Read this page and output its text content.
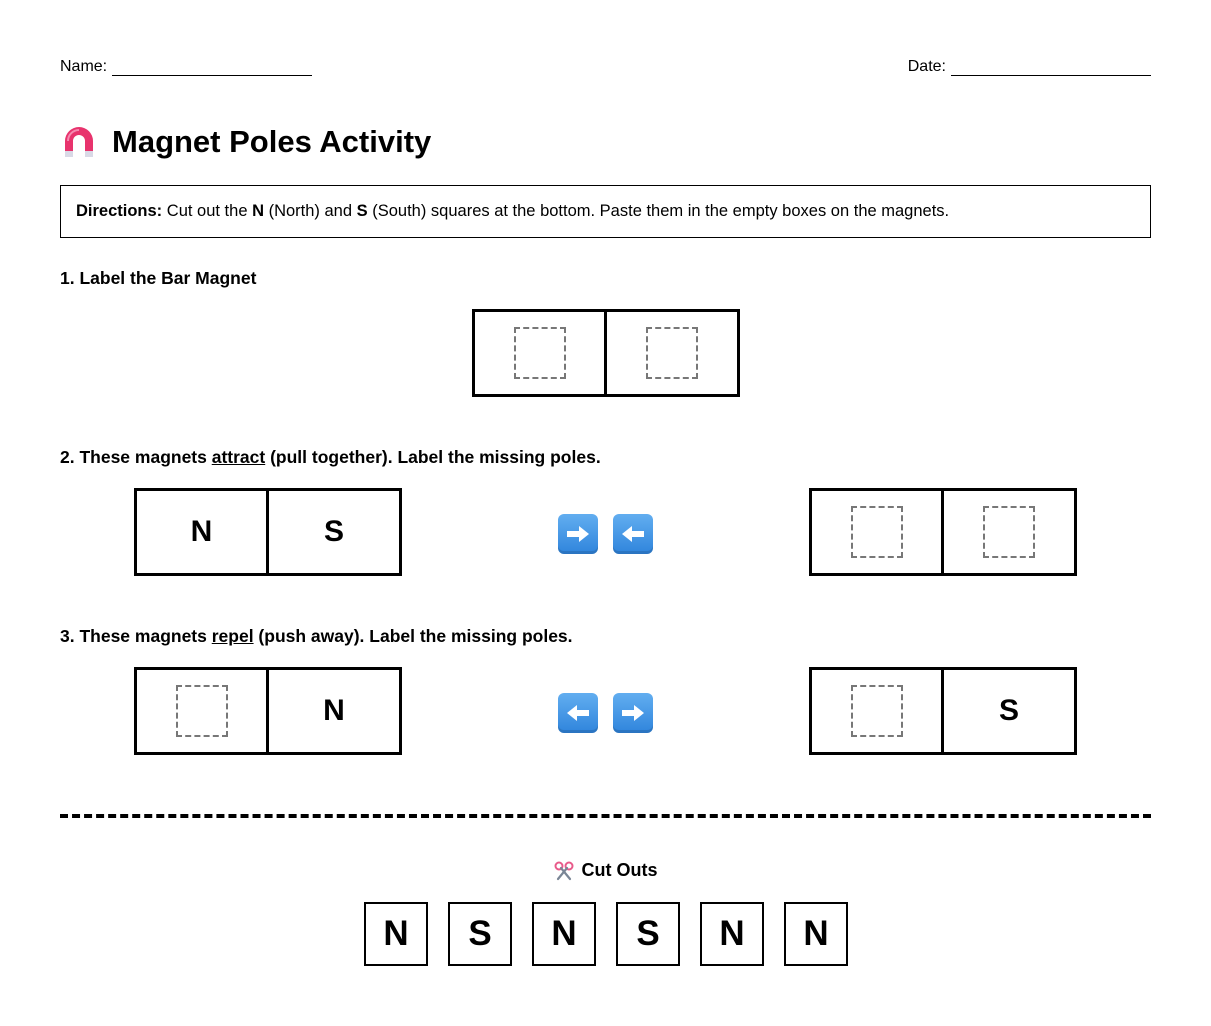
Name:	Date:
Magnet Poles Activity
Directions: Cut out the N (North) and S (South) squares at the bottom. Paste them in the empty boxes on the magnets.
1. Label the Bar Magnet
2. These magnets attract (pull together). Label the missing poles.
N	S
3. These magnets repel (push away). Label the missing poles.
N	S
Cut Outs
N	S	N	S	N	N
